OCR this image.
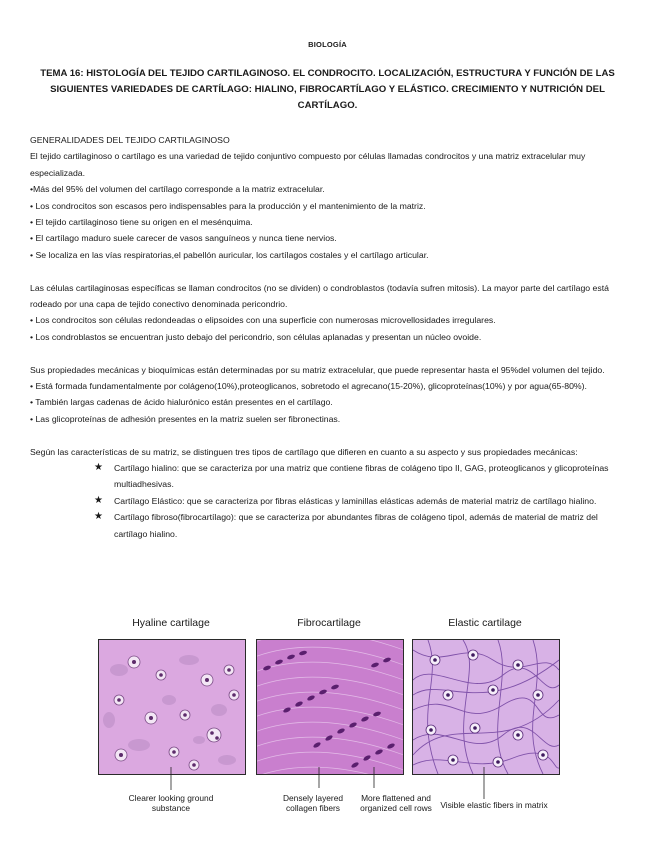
BIOLOGÍA
TEMA 16: HISTOLOGÍA DEL TEJIDO CARTILAGINOSO. EL CONDROCITO. LOCALIZACIÓN, ESTRUCTURA Y FUNCIÓN DE LAS SIGUIENTES VARIEDADES DE CARTÍLAGO: HIALINO, FIBROCARTÍLAGO Y ELÁSTICO. CRECIMIENTO Y NUTRICIÓN DEL CARTÍLAGO.

GENERALIDADES DEL TEJIDO CARTILAGINOSO

El tejido cartilaginoso o cartílago es una variedad de tejido conjuntivo compuesto por células llamadas condrocitos y una matriz extracelular muy especializada.

•Más del 95% del volumen del cartílago corresponde a la matriz extracelular.

• Los condrocitos son escasos pero indispensables para la producción y el mantenimiento de la matriz.

• El tejido cartilaginoso tiene su origen en el mesénquima.

• El cartílago maduro suele carecer de vasos sanguíneos y nunca tiene nervios.

• Se localiza en las vías respiratorias,el pabellón auricular, los cartílagos costales y el cartílago articular.

Las células cartilaginosas específicas se llaman condrocitos (no se dividen) o condroblastos (todavía sufren mitosis). La mayor parte del cartílago está rodeado por una capa de tejido conectivo denominada pericondrio.

• Los condrocitos son células redondeadas o elipsoides con una superficie con numerosas microvellosidades irregulares.

• Los condroblastos se encuentran justo debajo del pericondrio, son células aplanadas y presentan un núcleo ovoide.

Sus propiedades mecánicas y bioquímicas están determinadas por su matriz extracelular, que puede representar hasta el 95%del volumen del tejido.

• Está formada fundamentalmente por colágeno(10%),proteoglicanos, sobretodo el agrecano(15-20%), glicoproteínas(10%) y por agua(65-80%).

• También largas cadenas de ácido hialurónico están presentes en el cartílago.

• Las glicoproteínas de adhesión presentes en la matriz suelen ser fibronectinas.

Según las características de su matriz, se distinguen tres tipos de cartílago que difieren en cuanto a su aspecto y sus propiedades mecánicas:

★ Cartílago hialino: que se caracteriza por una matriz que contiene fibras de colágeno tipo II, GAG, proteoglicanos y glicoproteínas multiadhesivas.
★ Cartílago Elástico: que se caracteriza por fibras elásticas y laminillas elásticas además de material matriz de cartílago hialino.
★ Cartílago fibroso(fibrocartílago): que se caracteriza por abundantes fibras de colágeno tipoI, además de material de matriz del cartílago hialino.
Hyaline cartilage	Fibrocartilage	Elastic cartilage
Clearer looking ground substance
Densely layered collagen fibers
More flattened and organized cell rows	Visible elastic fibers in matrix
